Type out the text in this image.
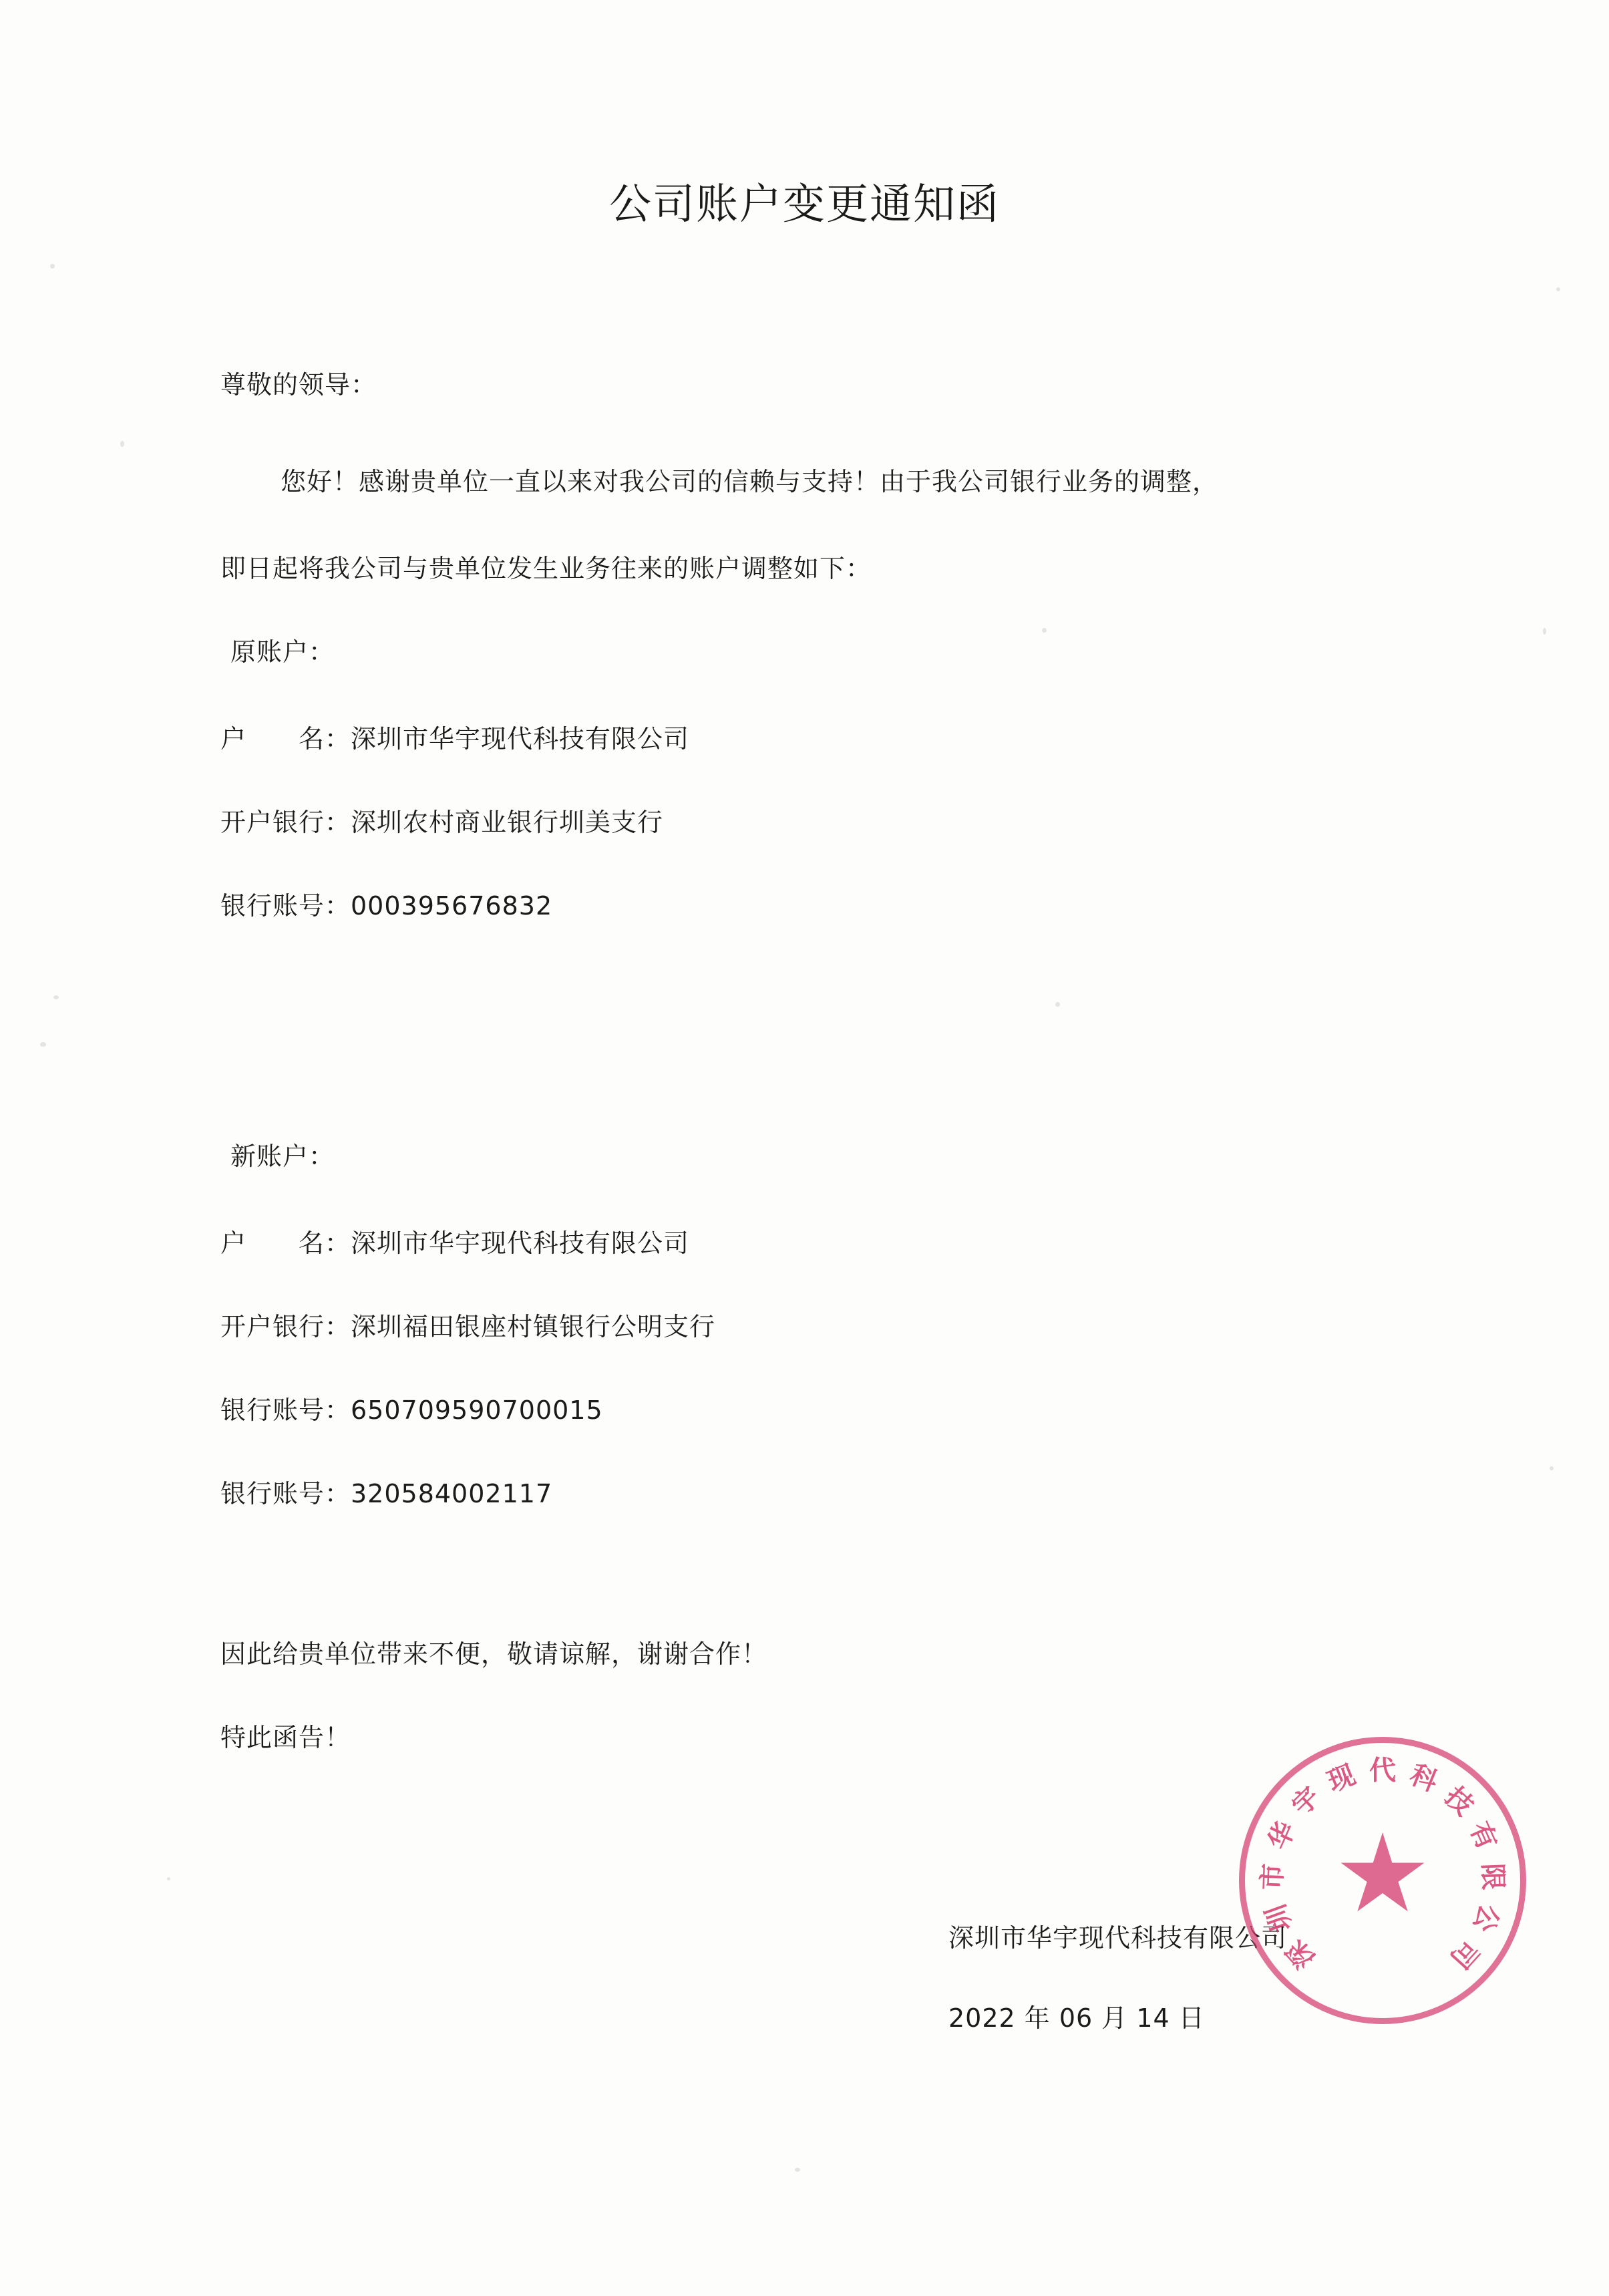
公司账户变更通知函
尊敬的领导：
您好！感谢贵单位一直以来对我公司的信赖与支持！由于我公司银行业务的调整，
即日起将我公司与贵单位发生业务往来的账户调整如下：
原账户：
户　　名：深圳市华宇现代科技有限公司
开户银行：深圳农村商业银行圳美支行
银行账号：000395676832
新账户：
户　　名：深圳市华宇现代科技有限公司
开户银行：深圳福田银座村镇银行公明支行
银行账号：650709590700015
银行账号：320584002117
因此给贵单位带来不便，敬请谅解，谢谢合作！
特此函告！
深圳市华宇现代科技有限公司
2022 年 06 月 14 日
深
圳
市
华
宇
现 代 科
技
有
限
公
司
